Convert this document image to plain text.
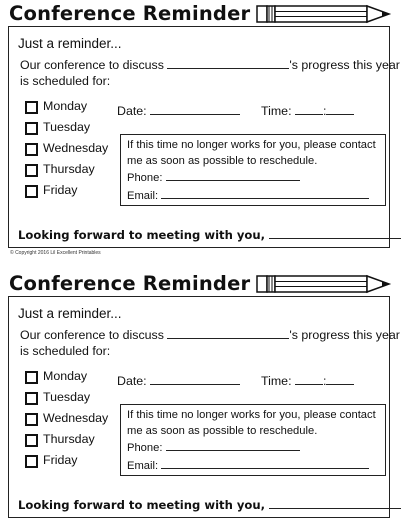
Conference Reminder
Just a reminder...
Our conference to discuss	's progress this year
is scheduled for:
Monday
Tuesday
Wednesday
Thursday
Friday
Date:	Time:	:
If this time no longer works for you, please contact
me as soon as possible to reschedule.
Phone:
Email:
Looking forward to meeting with you,
© Copyright 2016 Lil Excellent Printables
Conference Reminder
Just a reminder...
Our conference to discuss	's progress this year
is scheduled for:
Monday
Tuesday
Wednesday
Thursday
Friday
Date:	Time:	:
If this time no longer works for you, please contact
me as soon as possible to reschedule.
Phone:
Email:
Looking forward to meeting with you,
